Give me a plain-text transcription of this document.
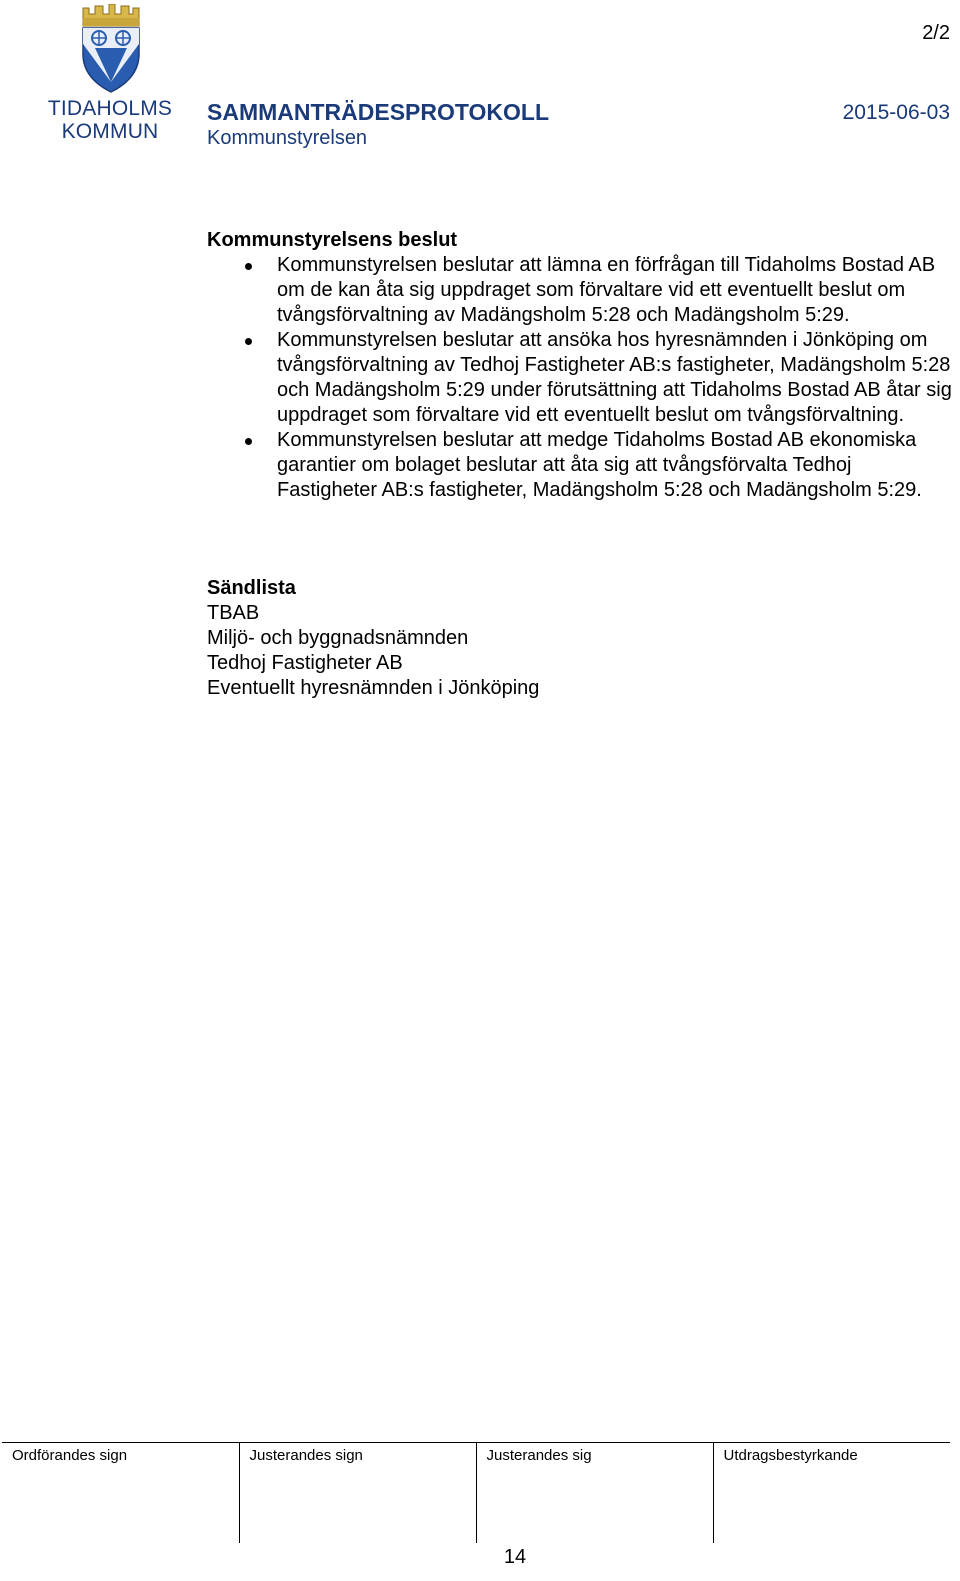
TIDAHOLMS
KOMMUN
2/2
SAMMANTRÄDESPROTOKOLL	2015-06-03
Kommunstyrelsen
Kommunstyrelsens beslut
Kommunstyrelsen beslutar att lämna en förfrågan till Tidaholms Bostad AB om de kan åta sig uppdraget som förvaltare vid ett eventuellt beslut om tvångsförvaltning av Madängsholm 5:28 och Madängsholm 5:29.
Kommunstyrelsen beslutar att ansöka hos hyresnämnden i Jönköping om tvångsförvaltning av Tedhoj Fastigheter AB:s fastigheter, Madängsholm 5:28 och Madängsholm 5:29 under förutsättning att Tidaholms Bostad AB åtar sig uppdraget som förvaltare vid ett eventuellt beslut om tvångsförvaltning.
Kommunstyrelsen beslutar att medge Tidaholms Bostad AB ekonomiska garantier om bolaget beslutar att åta sig att tvångsförvalta Tedhoj Fastigheter AB:s fastigheter, Madängsholm 5:28 och Madängsholm 5:29.
Sändlista
TBAB
Miljö- och byggnadsnämnden
Tedhoj Fastigheter AB
Eventuellt hyresnämnden i Jönköping
Ordförandes sign	Justerandes sign	Justerandes sig	Utdragsbestyrkande
14
